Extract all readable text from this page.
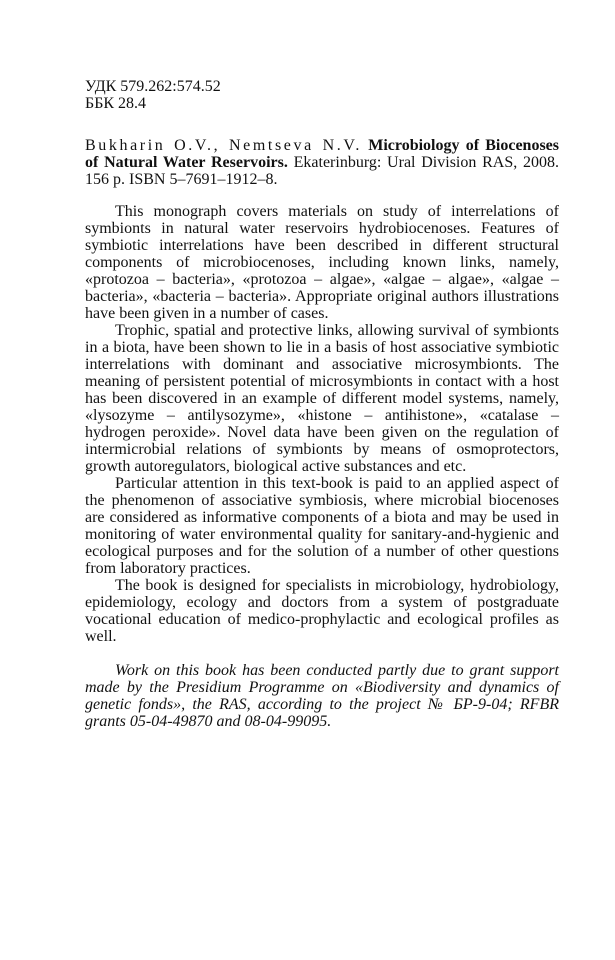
УДК 579.262:574.52
ББК 28.4
Bukharin O.V., Nemtseva N.V. Microbiology of Biocenoses of Natural Water Reservoirs. Ekaterinburg: Ural Division RAS, 2008. 156 p. ISBN 5–7691–1912–8.

This monograph covers materials on study of interrelations of symbionts in natural water reservoirs hydrobiocenoses. Features of symbiotic interrelations have been described in different structural components of microbiocenoses, including known links, namely, «protozoa – bacteria», «protozoa – algae», «algae – algae», «algae – bacteria», «bacteria – bacteria». Appropriate original authors illustrations have been given in a number of cases.

Trophic, spatial and protective links, allowing survival of symbionts in a biota, have been shown to lie in a basis of host associative symbiotic interrelations with dominant and associative microsymbionts. The meaning of persistent potential of microsymbionts in contact with a host has been discovered in an example of different model systems, namely, «lysozyme – antilysozyme», «histone – antihistone», «catalase – hydrogen peroxide». Novel data have been given on the regulation of intermicrobial relations of symbionts by means of osmoprotectors, growth autoregulators, biological active substances and etc.

Particular attention in this text-book is paid to an applied aspect of the phenomenon of associative symbiosis, where microbial biocenoses are considered as informative components of a biota and may be used in monitoring of water environmental quality for sanitary-and-hygienic and ecological purposes and for the solution of a number of other questions from laboratory practices.

The book is designed for specialists in microbiology, hydrobiology, epidemiology, ecology and doctors from a system of postgraduate vocational education of medico-prophylactic and ecological profiles as well.

Work on this book has been conducted partly due to grant support made by the Presidium Programme on «Biodiversity and dynamics of genetic fonds», the RAS, according to the project № БР-9-04; RFBR grants 05-04-49870 and 08-04-99095.
